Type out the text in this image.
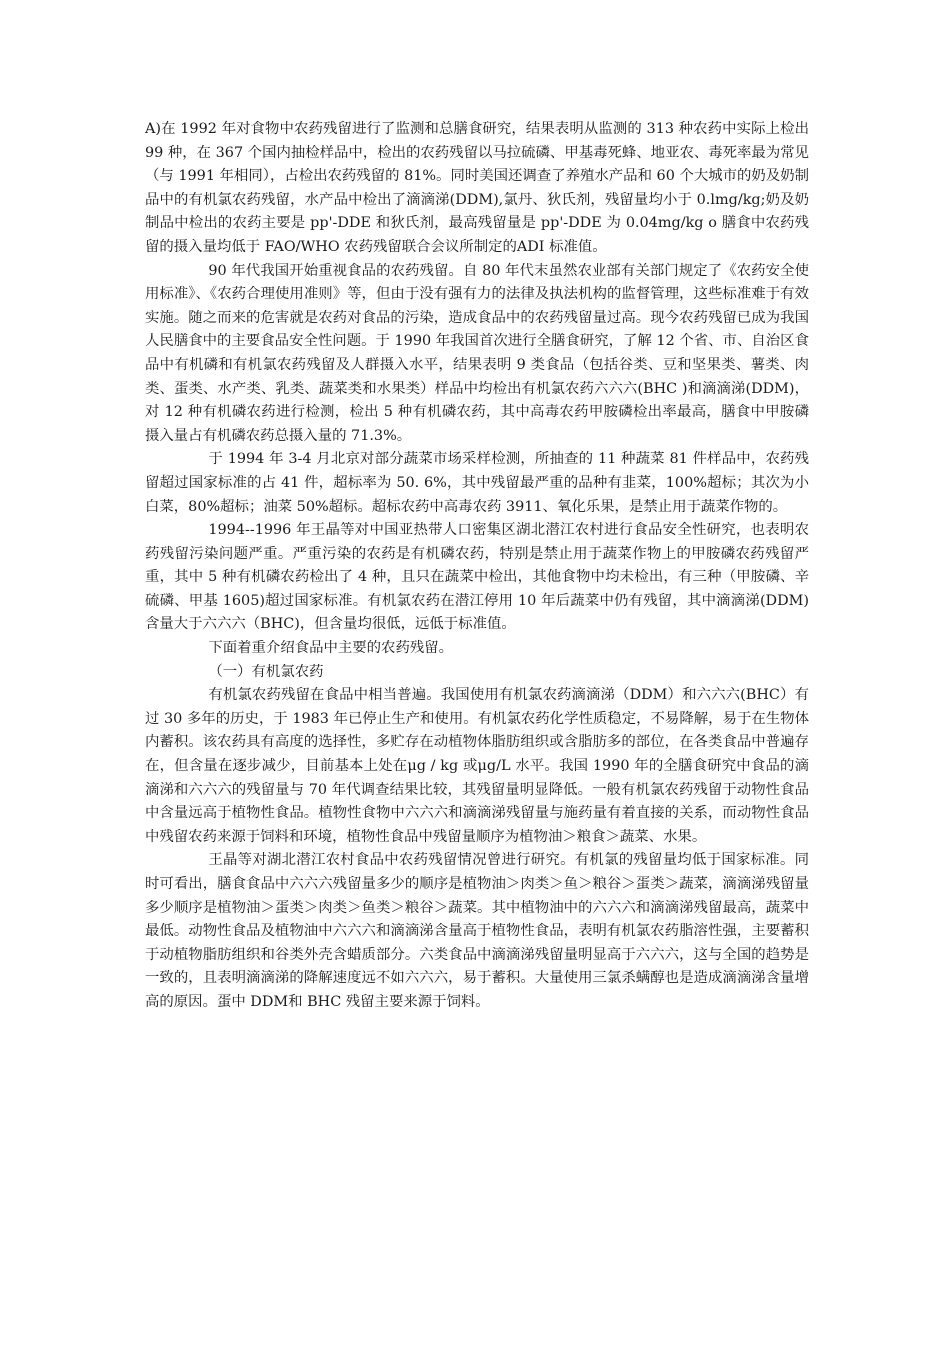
A)在 1992 年对食物中农药残留进行了监测和总膳食研究，结果表明从监测的 313 种农药中实际上检出 99 种，在 367 个国内抽检样品中，检出的农药残留以马拉硫磷、甲基毒死蜂、地亚农、毒死率最为常见（与 1991 年相同），占检出农药残留的 81%。同时美国还调查了养殖水产品和 60 个大城市的奶及奶制品中的有机氯农药残留，水产品中检出了滴滴涕(DDM),氯丹、狄氏剂，残留量均小于 0.lmg/kg;奶及奶制品中检出的农药主要是 pp'-DDE 和狄氏剂，最高残留量是 pp'-DDE 为 0.04mg/kg o 膳食中农药残留的摄入量均低于 FAO/WHO 农药残留联合会议所制定的ADI 标准值。

90 年代我国开始重视食品的农药残留。自 80 年代末虽然农业部有关部门规定了《农药安全使用标准》、《农药合理使用准则》等，但由于没有强有力的法律及执法机构的监督管理，这些标准难于有效实施。随之而来的危害就是农药对食品的污染，造成食品中的农药残留量过高。现今农药残留已成为我国人民膳食中的主要食品安全性问题。于 1990 年我国首次进行全膳食研究，了解 12 个省、市、自治区食品中有机磷和有机氯农药残留及人群摄入水平，结果表明 9 类食品（包括谷类、豆和坚果类、薯类、肉类、蛋类、水产类、乳类、蔬菜类和水果类）样品中均检出有机氯农药六六六(BHC )和滴滴涕(DDM)，对 12 种有机磷农药进行检测，检出 5 种有机磷农药，其中高毒农药甲胺磷检出率最高，膳食中甲胺磷摄入量占有机磷农药总摄入量的 71.3%。

于 1994 年 3-4 月北京对部分蔬菜市场采样检测，所抽查的 11 种蔬菜 81 件样品中，农药残留超过国家标准的占 41 件，超标率为 50. 6%，其中残留最严重的品种有韭菜，100%超标；其次为小白菜，80%超标；油菜 50%超标。超标农药中高毒农药 3911、氧化乐果，是禁止用于蔬菜作物的。

1994--1996 年王晶等对中国亚热带人口密集区湖北潜江农村进行食品安全性研究，也表明农药残留污染问题严重。严重污染的农药是有机磷农药，特别是禁止用于蔬菜作物上的甲胺磷农药残留严重，其中 5 种有机磷农药检出了 4 种，且只在蔬菜中检出，其他食物中均未检出，有三种（甲胺磷、辛硫磷、甲基 1605)超过国家标准。有机氯农药在潜江停用 10 年后蔬菜中仍有残留，其中滴滴涕(DDM)含量大于六六六（BHC)，但含量均很低，远低于标准值。

下面着重介绍食品中主要的农药残留。

（一）有机氯农药

有机氯农药残留在食品中相当普遍。我国使用有机氯农药滴滴涕（DDM）和六六六(BHC）有过 30 多年的历史，于 1983 年已停止生产和使用。有机氯农药化学性质稳定，不易降解，易于在生物体内蓄积。该农药具有高度的选择性，多贮存在动植物体脂肪组织或含脂肪多的部位，在各类食品中普遍存在，但含量在逐步减少，目前基本上处在μg / kg 或μg/L 水平。我国 1990 年的全膳食研究中食品的滴滴涕和六六六的残留量与 70 年代调查结果比较，其残留量明显降低。一般有机氯农药残留于动物性食品中含量远高于植物性食品。植物性食物中六六六和滴滴涕残留量与施药量有着直接的关系，而动物性食品中残留农药来源于饲料和环境，植物性食品中残留量顺序为植物油＞粮食＞蔬菜、水果。

王晶等对湖北潜江农村食品中农药残留情况曾进行研究。有机氯的残留量均低于国家标准。同时可看出，膳食食品中六六六残留量多少的顺序是植物油＞肉类＞鱼＞粮谷＞蛋类＞蔬菜，滴滴涕残留量多少顺序是植物油＞蛋类＞肉类＞鱼类＞粮谷＞蔬菜。其中植物油中的六六六和滴滴涕残留最高，蔬菜中最低。动物性食品及植物油中六六六和滴滴涕含量高于植物性食品，表明有机氯农药脂溶性强，主要蓄积于动植物脂肪组织和谷类外壳含蜡质部分。六类食品中滴滴涕残留量明显高于六六六，这与全国的趋势是一致的，且表明滴滴涕的降解速度远不如六六六，易于蓄积。大量使用三氯杀螨醇也是造成滴滴涕含量增高的原因。蛋中 DDM和 BHC 残留主要来源于饲料。
